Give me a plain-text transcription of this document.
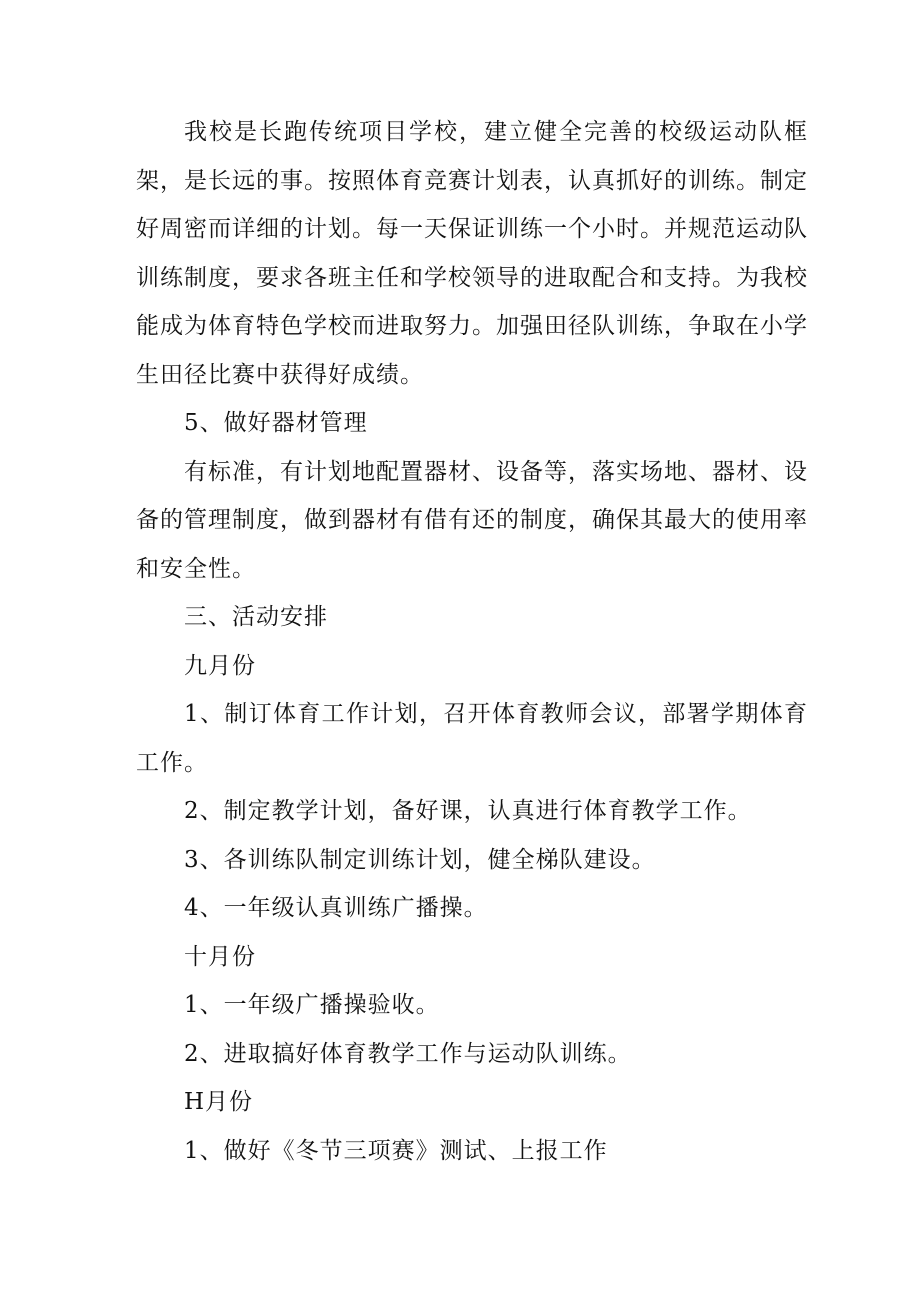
我校是长跑传统项目学校，建立健全完善的校级运动队框架，是长远的事。按照体育竞赛计划表，认真抓好的训练。制定好周密而详细的计划。每一天保证训练一个小时。并规范运动队训练制度，要求各班主任和学校领导的进取配合和支持。为我校能成为体育特色学校而进取努力。加强田径队训练，争取在小学生田径比赛中获得好成绩。

5、做好器材管理

有标准，有计划地配置器材、设备等，落实场地、器材、设备的管理制度，做到器材有借有还的制度，确保其最大的使用率和安全性。

三、活动安排

九月份

1、制订体育工作计划，召开体育教师会议，部署学期体育工作。

2、制定教学计划，备好课，认真进行体育教学工作。

3、各训练队制定训练计划，健全梯队建设。

4、一年级认真训练广播操。

十月份

1、一年级广播操验收。

2、进取搞好体育教学工作与运动队训练。

H月份

1、做好《冬节三项赛》测试、上报工作
